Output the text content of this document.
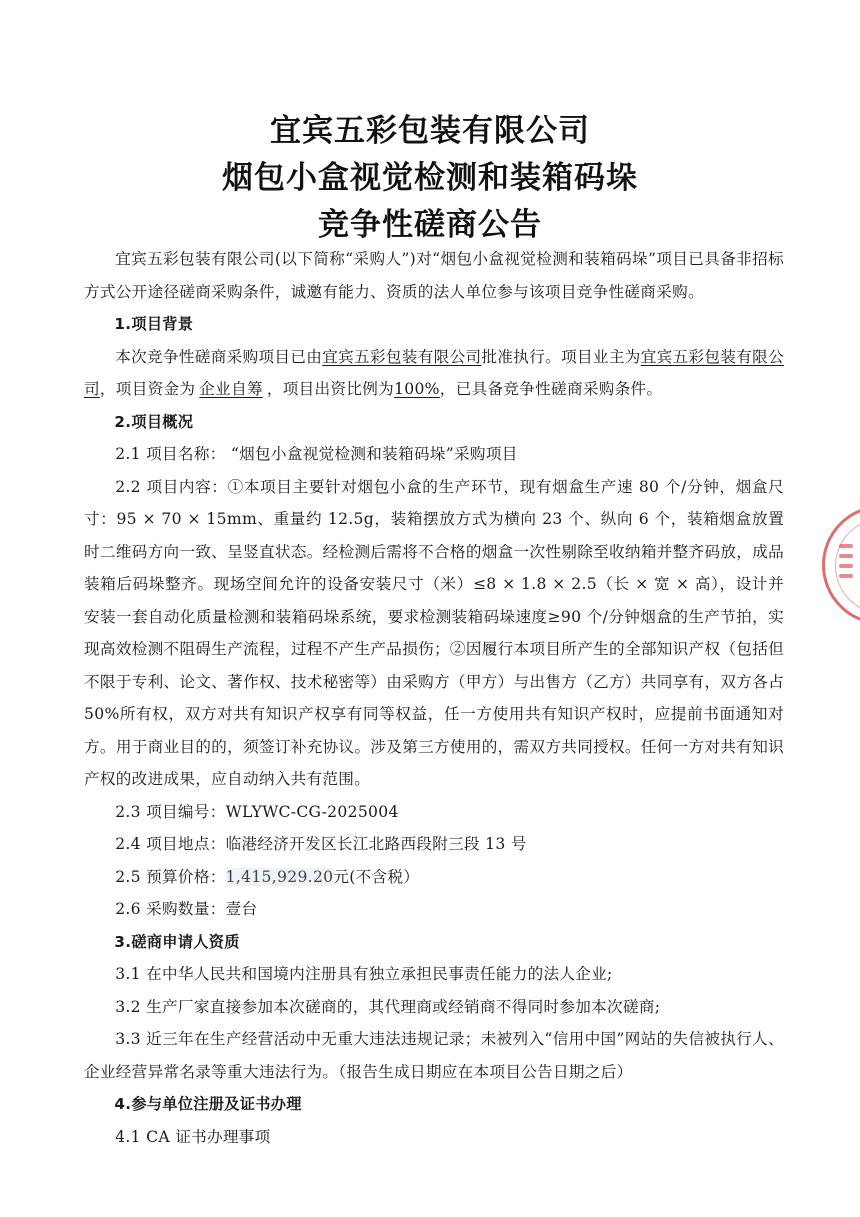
宜宾五彩包装有限公司
烟包小盒视觉检测和装箱码垛
竞争性磋商公告

宜宾五彩包装有限公司(以下简称“采购人”)对“烟包小盒视觉检测和装箱码垛”项目已具备非招标方式公开途径磋商采购条件，诚邀有能力、资质的法人单位参与该项目竞争性磋商采购。

1.项目背景

本次竞争性磋商采购项目已由宜宾五彩包装有限公司批准执行。项目业主为宜宾五彩包装有限公司，项目资金为 企业自筹 ，项目出资比例为100%，已具备竞争性磋商采购条件。

2.项目概况

2.1 项目名称： “烟包小盒视觉检测和装箱码垛”采购项目

2.2 项目内容：①本项目主要针对烟包小盒的生产环节，现有烟盒生产速 80 个/分钟，烟盒尺寸：95 × 70 × 15mm、重量约 12.5g，装箱摆放方式为横向 23 个、纵向 6 个，装箱烟盒放置时二维码方向一致、呈竖直状态。经检测后需将不合格的烟盒一次性剔除至收纳箱并整齐码放，成品装箱后码垛整齐。现场空间允许的设备安装尺寸（米）≤8 × 1.8 × 2.5（长 × 宽 × 高），设计并安装一套自动化质量检测和装箱码垛系统，要求检测装箱码垛速度≥90 个/分钟烟盒的生产节拍，实现高效检测不阻碍生产流程，过程不产生产品损伤；②因履行本项目所产生的全部知识产权（包括但不限于专利、论文、著作权、技术秘密等）由采购方（甲方）与出售方（乙方）共同享有，双方各占 50%所有权，双方对共有知识产权享有同等权益，任一方使用共有知识产权时，应提前书面通知对方。用于商业目的的，须签订补充协议。涉及第三方使用的，需双方共同授权。任何一方对共有知识产权的改进成果，应自动纳入共有范围。

2.3 项目编号：WLYWC-CG-2025004

2.4 项目地点：临港经济开发区长江北路西段附三段 13 号

2.5 预算价格：1,415,929.20元(不含税）

2.6 采购数量：壹台

3.磋商申请人资质

3.1 在中华人民共和国境内注册具有独立承担民事责任能力的法人企业;

3.2 生产厂家直接参加本次磋商的，其代理商或经销商不得同时参加本次磋商;

3.3 近三年在生产经营活动中无重大违法违规记录；未被列入“信用中国”网站的失信被执行人、企业经营异常名录等重大违法行为。（报告生成日期应在本项目公告日期之后）

4.参与单位注册及证书办理

4.1 CA 证书办理事项
